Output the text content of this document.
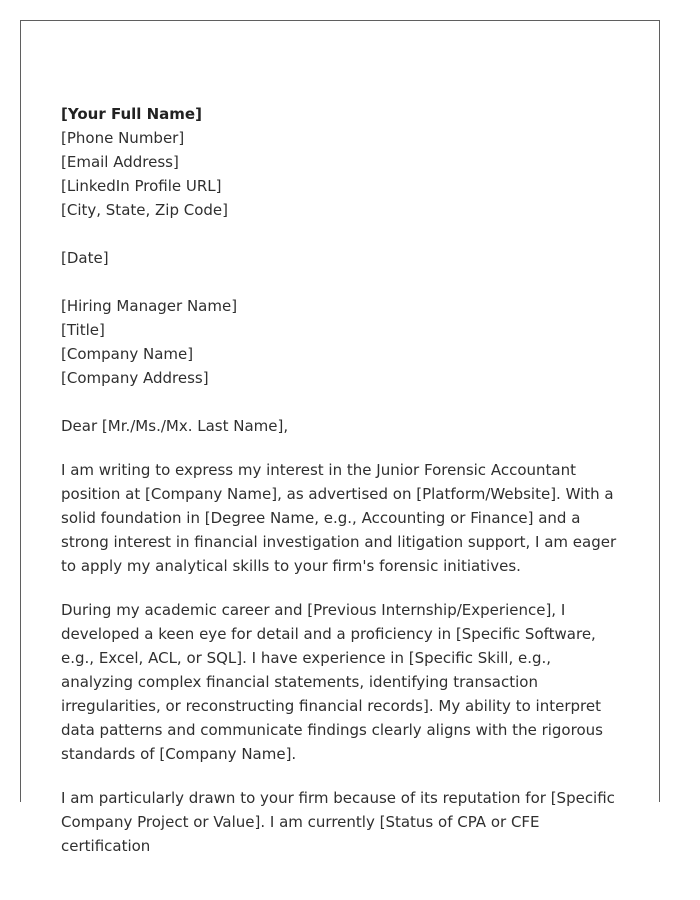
[Your Full Name]
[Phone Number]
[Email Address]
[LinkedIn Profile URL]
[City, State, Zip Code]
[Date]
[Hiring Manager Name]
[Title]
[Company Name]
[Company Address]

Dear [Mr./Ms./Mx. Last Name],

I am writing to express my interest in the Junior Forensic Accountant position at [Company Name], as advertised on [Platform/Website]. With a solid foundation in [Degree Name, e.g., Accounting or Finance] and a strong interest in financial investigation and litigation support, I am eager to apply my analytical skills to your firm's forensic initiatives.

During my academic career and [Previous Internship/Experience], I developed a keen eye for detail and a proficiency in [Specific Software, e.g., Excel, ACL, or SQL]. I have experience in [Specific Skill, e.g., analyzing complex financial statements, identifying transaction irregularities, or reconstructing financial records]. My ability to interpret data patterns and communicate findings clearly aligns with the rigorous standards of [Company Name].

I am particularly drawn to your firm because of its reputation for [Specific Company Project or Value]. I am currently [Status of CPA or CFE certification
